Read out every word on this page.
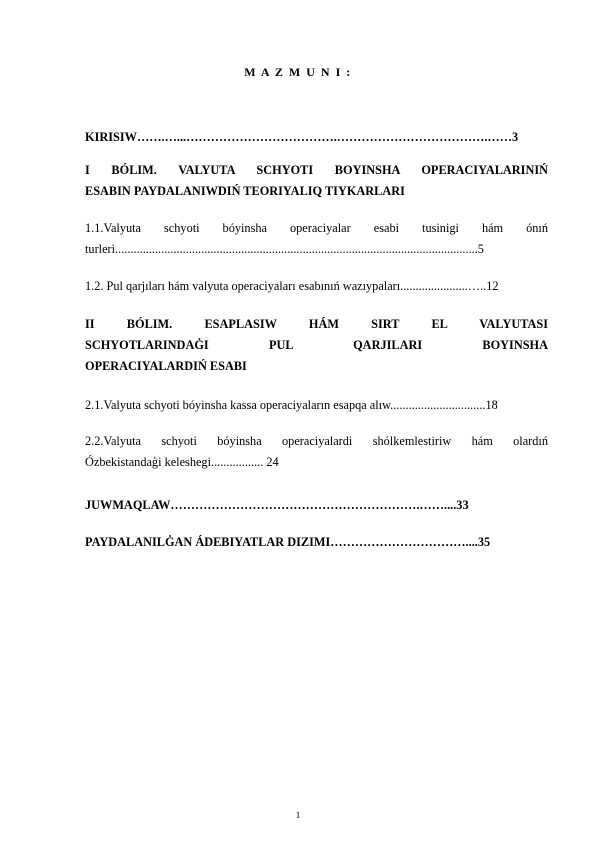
M A Z M U N I :
KIRISIW…….…...……………………………….……………………………….……3
I BÓLIM. VALYUTA SCHYOTI BOYINSHA OPERACIYALARINIŃ
ESABIN PAYDALANIWDIŃ TEORIYALIQ TIYKARLARI
1.1.Valyuta schyoti bóyinsha operaciyalar esabi tusinigi hám ónıń
turleri......................................................................................................................5
1.2. Pul qarjıları hám valyuta operaciyaları esabınıń wazıypaları......................…..12
II BÓLIM. ESAPLASIW HÁM SIRT EL VALYUTASI
SCHYOTLARINDAĠI PUL QARJILARI BOYINSHA
OPERACIYALARDIŃ ESABI
2.1.Valyuta schyoti bóyinsha kassa operaciyaların esapqa alıw...............................18
2.2.Valyuta schyoti bóyinsha operaciyalardi shólkemlestiriw hám olardıń
Ózbekistandaģi keleshegi................. 24
JUWMAQLAW…………………………………………………….……....33
PAYDALANILĠAN ÁDEBIYATLAR DIZIMI……………………………....35
1
